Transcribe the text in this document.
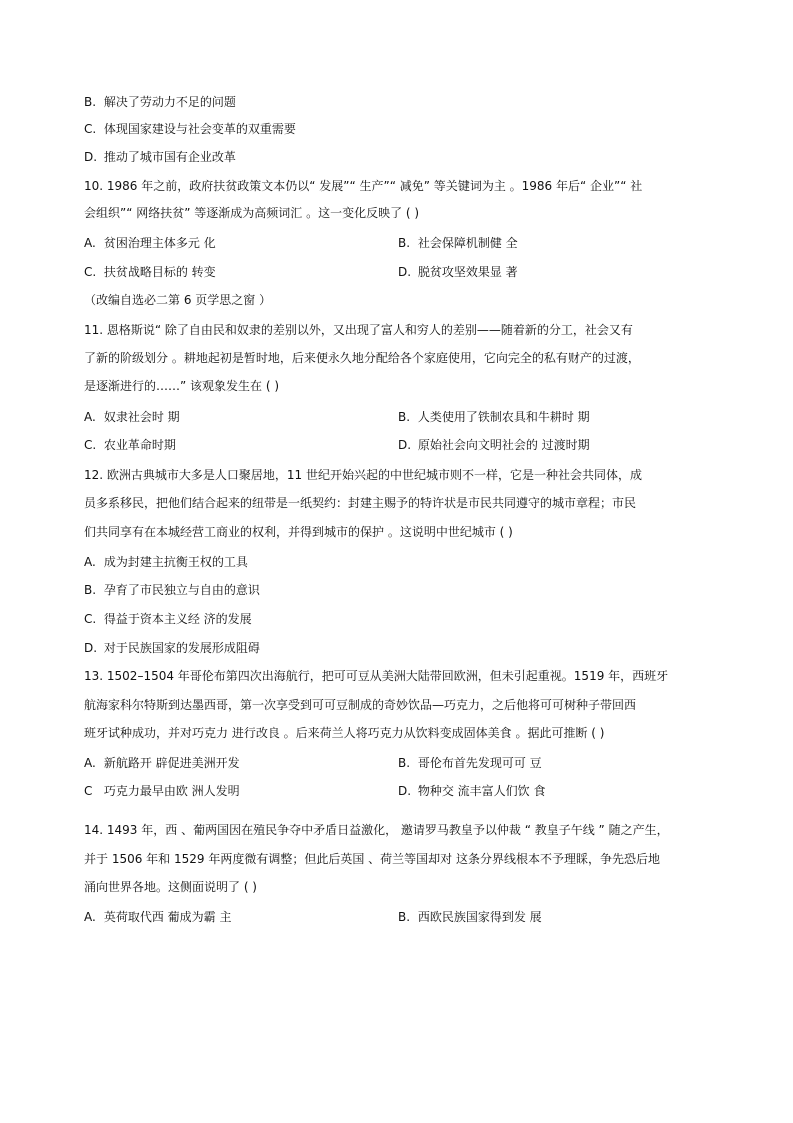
B. 解决了劳动力不足的问题
C. 体现国家建设与社会变革的双重需要
D. 推动了城市国有企业改革
10. 1986 年之前，政府扶贫政策文本仍以“ 发展”“ 生产”“ 减免” 等关键词为主 。1986 年后“ 企业”“ 社
会组织”“ 网络扶贫” 等逐渐成为高频词汇 。这一变化反映了 ( )
A. 贫困治理主体多元 化	B. 社会保障机制健 全
C. 扶贫战略目标的 转变	D. 脱贫攻坚效果显 著
（改编自选必二第 6 页学思之窗 ）
11. 恩格斯说“ 除了自由民和奴隶的差别以外，又出现了富人和穷人的差别——随着新的分工，社会又有
了新的阶级划分 。耕地起初是暂时地，后来便永久地分配给各个家庭使用，它向完全的私有财产的过渡，
是逐渐进行的……” 该观象发生在 ( )
A. 奴隶社会时 期	B. 人类使用了铁制农具和牛耕时 期
C. 农业革命时期	D. 原始社会向文明社会的 过渡时期
12. 欧洲古典城市大多是人口聚居地，11 世纪开始兴起的中世纪城市则不一样，它是一种社会共同体，成
员多系移民，把他们结合起来的纽带是一纸契约：封建主赐予的特许状是市民共同遵守的城市章程；市民
们共同享有在本城经营工商业的权利，并得到城市的保护 。这说明中世纪城市 ( )
A. 成为封建主抗衡王权的工具
B. 孕育了市民独立与自由的意识
C. 得益于资本主义经 济的发展
D. 对于民族国家的发展形成阻碍
13. 1502–1504 年哥伦布第四次出海航行，把可可豆从美洲大陆带回欧洲，但未引起重视。1519 年，西班牙
航海家科尔特斯到达墨西哥，第一次享受到可可豆制成的奇妙饮品—巧克力，之后他将可可树种子带回西
班牙试种成功，并对巧克力 进行改良 。后来荷兰人将巧克力从饮料变成固体美食 。据此可推断 ( )
A. 新航路开 辟促进美洲开发	B. 哥伦布首先发现可可 豆
C 巧克力最早由欧 洲人发明	D. 物种交 流丰富人们饮 食
14. 1493 年，西 、葡两国因在殖民争夺中矛盾日益激化， 邀请罗马教皇予以仲裁 “ 教皇子午线 ” 随之产生，
并于 1506 年和 1529 年两度微有调整；但此后英国 、荷兰等国却对 这条分界线根本不予理睬，争先恐后地
涌向世界各地。这侧面说明了 ( )
A. 英荷取代西 葡成为霸 主	B. 西欧民族国家得到发 展
